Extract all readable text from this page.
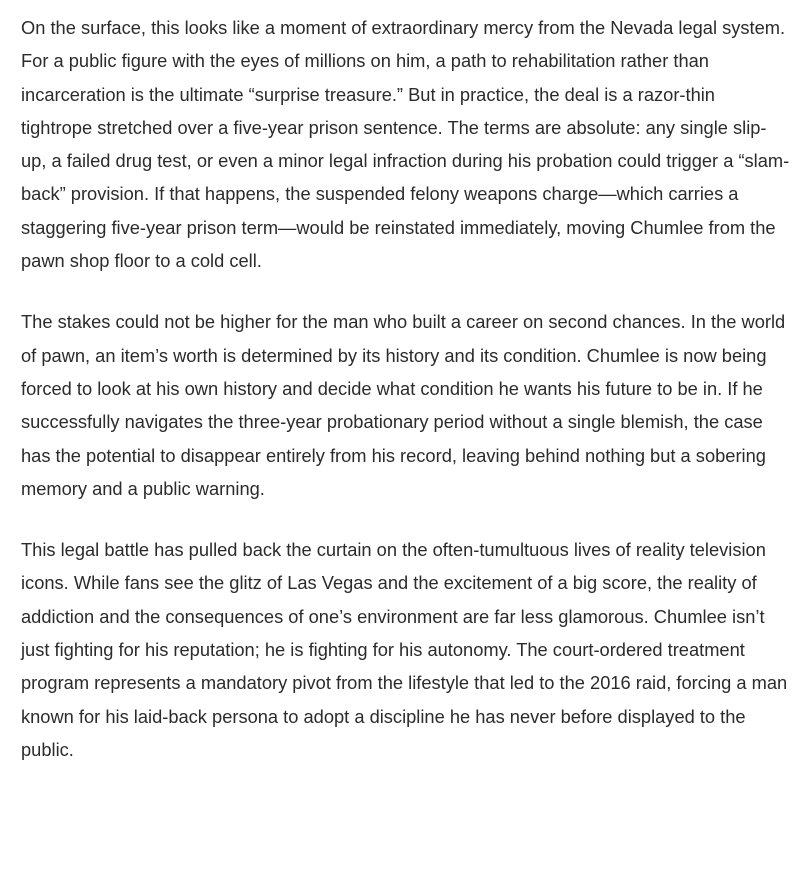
On the surface, this looks like a moment of extraordinary mercy from the Nevada legal system. For a public figure with the eyes of millions on him, a path to rehabilitation rather than incarceration is the ultimate “surprise treasure.” But in practice, the deal is a razor-thin tightrope stretched over a five-year prison sentence. The terms are absolute: any single slip-up, a failed drug test, or even a minor legal infraction during his probation could trigger a “slam-back” provision. If that happens, the suspended felony weapons charge—which carries a staggering five-year prison term—would be reinstated immediately, moving Chumlee from the pawn shop floor to a cold cell.

The stakes could not be higher for the man who built a career on second chances. In the world of pawn, an item’s worth is determined by its history and its condition. Chumlee is now being forced to look at his own history and decide what condition he wants his future to be in. If he successfully navigates the three-year probationary period without a single blemish, the case has the potential to disappear entirely from his record, leaving behind nothing but a sobering memory and a public warning.

This legal battle has pulled back the curtain on the often-tumultuous lives of reality television icons. While fans see the glitz of Las Vegas and the excitement of a big score, the reality of addiction and the consequences of one’s environment are far less glamorous. Chumlee isn’t just fighting for his reputation; he is fighting for his autonomy. The court-ordered treatment program represents a mandatory pivot from the lifestyle that led to the 2016 raid, forcing a man known for his laid-back persona to adopt a discipline he has never before displayed to the public.
